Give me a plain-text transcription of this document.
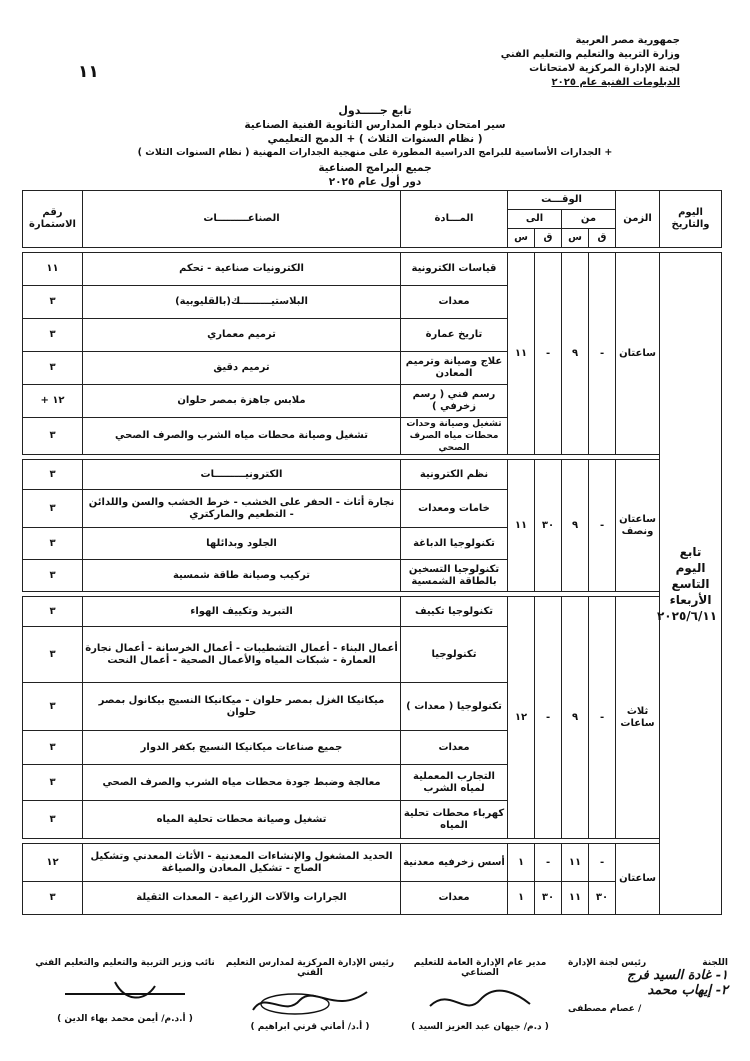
١١
جمهورية مصر العربية
وزارة التربية والتعليم والتعليم الفني
لجنة الإدارة المركزية لامتحانات
الدبلومات الفنية عام ٢٠٢٥
تابع جـــــدول
سير امتحان دبلوم المدارس الثانوية الفنية الصناعية
( نظام السنوات الثلاث ) + الدمج التعليمي
+ الجدارات الأساسية للبرامج الدراسية المطورة على منهجية الجدارات المهنية ( نظام السنوات الثلاث )
جميع البرامج الصناعية
دور أول عام ٢٠٢٥
اليوم والتاريخ	الزمن	الوقـــت				المـــادة	الصناعـــــــــات	رقم الاستمارة
		من		الى				
		ق	س	ق	س			

تابع اليوم التاسع الأربعاء ٢٠٢٥/٦/١١	ساعتان	-	٩	-	١١	قياسات الكترونية	الكترونيات صناعية - تحكم	١١
						معدات	البلاستيـــــــــك(بالقليوبية)	٣
						تاريخ عمارة	ترميم معماري	٣
						علاج وصيانة وترميم المعادن	ترميم دقيق	٣
						رسم فني ( رسم زخرفي )	ملابس جاهزة بمصر حلوان	١٢ +
						تشغيل وصيانة وحدات محطات مياه الصرف الصحي	تشغيل وصيانة محطات مياه الشرب والصرف الصحي	٣

	ساعتان ونصف	-	٩	٣٠	١١	نظم الكترونية	الكترونيـــــــــات	٣
						خامات ومعدات	نجارة أثاث - الحفر على الخشب - خرط الخشب والسن واللدائن - التطعيم والماركتري	٣
						تكنولوجيا الدباغة	الجلود وبدائلها	٣
						تكنولوجيا التسخين بالطاقة الشمسية	تركيب وصيانة طاقة شمسية	٣

	ثلاث ساعات	-	٩	-	١٢	تكنولوجيا تكييف	التبريد وتكييف الهواء	٣
						تكنولوجيا	أعمال البناء - أعمال التشطيبات - أعمال الخرسانة - أعمال نجارة العمارة - شبكات المياه والأعمال الصحية - أعمال النحت	٣
						تكنولوجيا ( معدات )	ميكانيكا الغزل بمصر حلوان - ميكانيكا النسيج بيكانول بمصر حلوان	٣
						معدات	جميع صناعات ميكانيكا النسيج بكفر الدوار	٣
						التجارب المعملية لمياه الشرب	معالجة وضبط جودة محطات مياه الشرب والصرف الصحي	٣
						كهرباء محطات تحلية المياه	تشغيل وصيانة محطات تحلية المياه	٣

	ساعتان	-	١١	-	١	أسس زخرفيه معدنية	الحديد المشغول والإنشاءات المعدنية - الأثاث المعدني وتشكيل الصاج - تشكيل المعادن والصياغة	١٢
		٣٠	١١	٣٠	١	معدات	الجرارات والآلات الزراعية - المعدات الثقيلة	٣
اللجنة
رئيس لجنة الإدارة
١- غادة السيد فرج
٢- إيهاب محمد
/ عصام مصطفى
مدير عام الإدارة العامة للتعليم الصناعي
( د.م/ جيهان عبد العزيز السيد )
رئيس الإدارة المركزية لمدارس التعليم الفني
( أ.د/ أماني قرني ابراهيم )
نائب وزير التربية والتعليم والتعليم الفني
( أ.د.م/ أيمن محمد بهاء الدين )
